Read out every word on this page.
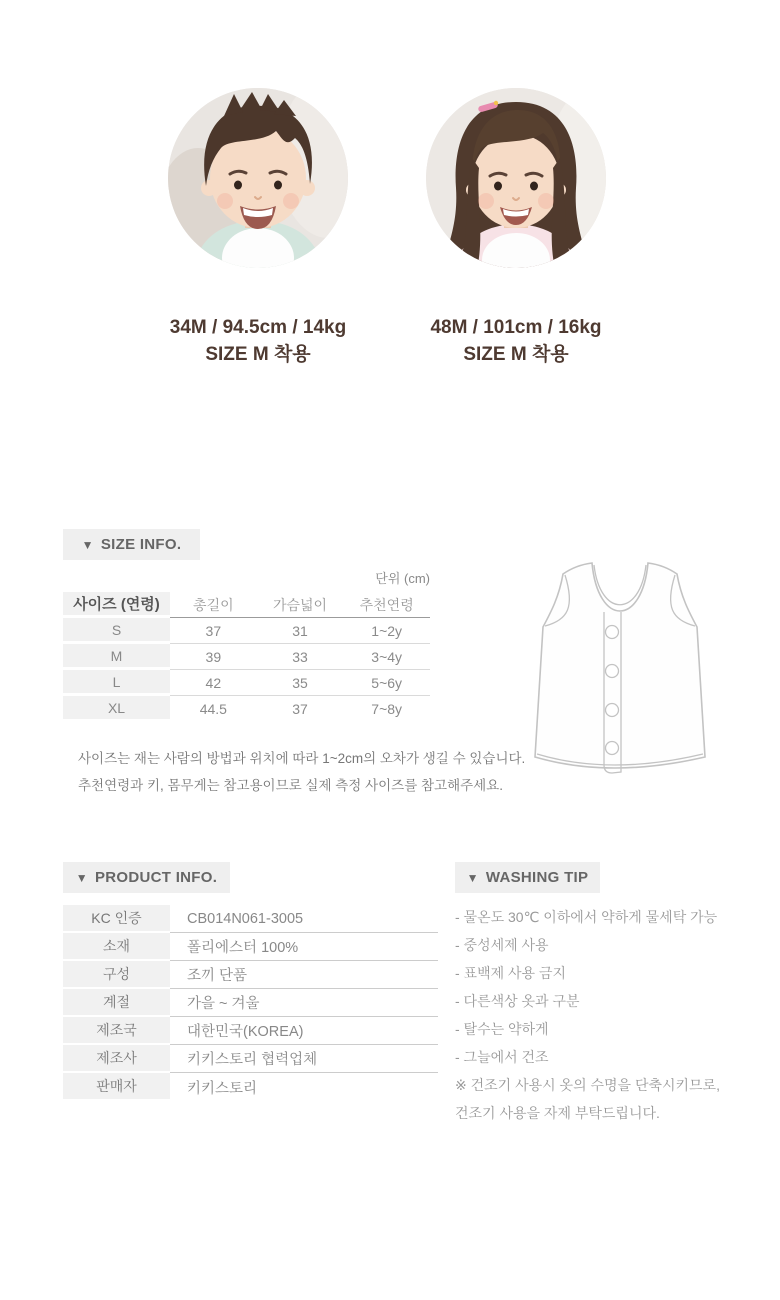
34M / 94.5cm / 14kg
SIZE M 착용
48M / 101cm / 16kg
SIZE M 착용
▼ SIZE INFO.
단위 (cm)
사이즈 (연령)	총길이	가슴넓이	추천연령
S	37	31	1~2y
M	39	33	3~4y
L	42	35	5~6y
XL	44.5	37	7~8y
사이즈는 재는 사람의 방법과 위치에 따라 1~2cm의 오차가 생길 수 있습니다.
추천연령과 키, 몸무게는 참고용이므로 실제 측정 사이즈를 참고해주세요.
▼ PRODUCT INFO.
KC 인증	CB014N061-3005
소재	폴리에스터 100%
구성	조끼 단품
계절	가을 ~ 겨울
제조국	대한민국(KOREA)
제조사	키키스토리 협력업체
판매자	키키스토리
▼ WASHING TIP
- 물온도 30℃ 이하에서 약하게 물세탁 가능
- 중성세제 사용
- 표백제 사용 금지
- 다른색상 옷과 구분
- 탈수는 약하게
- 그늘에서 건조
※ 건조기 사용시 옷의 수명을 단축시키므로,
건조기 사용을 자제 부탁드립니다.
